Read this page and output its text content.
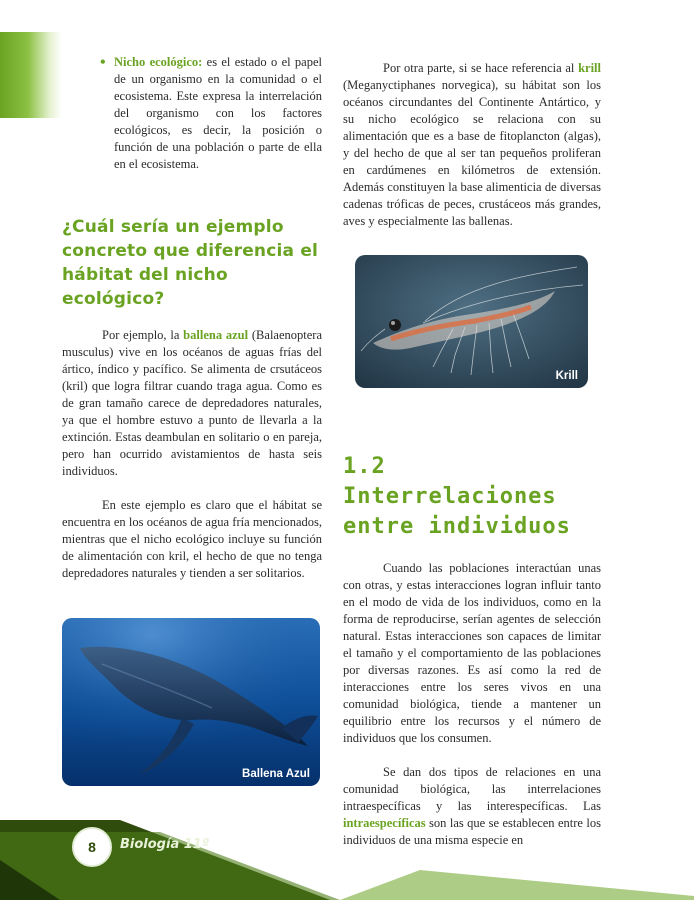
• Nicho ecológico: es el estado o el papel de un organismo en la comunidad o el ecosistema. Este expresa la interrelación del organismo con los factores ecológicos, es decir, la posición o función de una población o parte de ella en el ecosistema.

¿Cuál sería un ejemplo concreto que diferencia el hábitat del nicho ecológico?

Por ejemplo, la ballena azul (Balaenoptera musculus) vive en los océanos de aguas frías del ártico, índico y pacífico. Se alimenta de crsutáceos (kril) que logra filtrar cuando traga agua. Como es de gran tamaño carece de depredadores naturales, ya que el hombre estuvo a punto de llevarla a la extinción. Estas deambulan en solitario o en pareja, pero han ocurrido avistamientos de hasta seis individuos.

En este ejemplo es claro que el hábitat se encuentra en los océanos de agua fría mencionados, mientras que el nicho ecológico incluye su función de alimentación con kril, el hecho de que no tenga depredadores naturales y tienden a ser solitarios.

Ballena Azul

Por otra parte, si se hace referencia al krill (Meganyctiphanes norvegica), su hábitat son los océanos circundantes del Continente Antártico, y su nicho ecológico se relaciona con su alimentación que es a base de fitoplancton (algas), y del hecho de que al ser tan pequeños proliferan en cardúmenes en kilómetros de extensión. Además constituyen la base alimenticia de diversas cadenas tróficas de peces, crustáceos más grandes, aves y especialmente las ballenas.

Krill
1.2 Interrelaciones entre individuos

Cuando las poblaciones interactúan unas con otras, y estas interacciones logran influir tanto en el modo de vida de los individuos, como en la forma de reproducirse, serían agentes de selección natural. Estas interacciones son capaces de limitar el tamaño y el comportamiento de las poblaciones por diversas razones. Es así como la red de interacciones entre los seres vivos en una comunidad biológica, tiende a mantener un equilibrio entre los recursos y el número de individuos que los consumen.

Se dan dos tipos de relaciones en una comunidad biológica, las interrelaciones intraespecíficas y las interespecíficas. Las intraespecíficas son las que se establecen entre los individuos de una misma especie en

8	Biología 11º
